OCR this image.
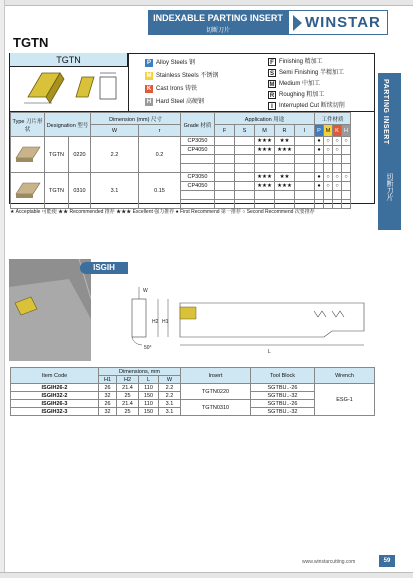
INDEXABLE PARTING INSERT
切断刀片	WINSTAR
TGTN
PARTING INSERT
切断刀片
TGTN	P Alloy Steels 钢
M Stainless Steels 不锈钢
K Cast Irons 铸铁
H Hard Steel 高硬钢
F Finishing 精加工
S Semi Finishing 半精加工
M Medium 中加工
R Roughing 粗加工
I Interrupted Cut 断续切削
Type 刀片形状	Designation 型号		Dimension (mm) 尺寸		Grade 材质	Application 用途					工件材质			
			W	r		F	S	M	R	I	P	M	K	H
	TGTN	0220	2.2	0.2	CP3050			★★★	★★		●	○	○	○
					CP4050			★★★	★★★		●	○	○	

	TGTN	0310	3.1	0.15	CP3050			★★★	★★		●	○	○	○
					CP4050			★★★	★★★		●	○	○	

★ Acceptable 可能使 ★★ Recommended 推荐 ★★★ Excellent 强力推荐 ● First Recommend 第一推荐 ○ Second Recommend 次要推荐
ISGIH
W
H2 H1
50°
L
Item Code	Dimensions, mm				Insert	Tool Block	Wrench
	H1	H2	L	W			
ISGIH26-2	26	21.4	110	2.2	TGTN0220	SGTBU..-26	ESG-1
ISGIH32-2	32	25	150	2.2		SGTBU..-32	
ISGIH26-3	26	21.4	110	3.1	TGTN0310	SGTBU..-26	
ISGIH32-3	32	25	150	3.1		SGTBU..-32	
www.winstarcutting.com	59
